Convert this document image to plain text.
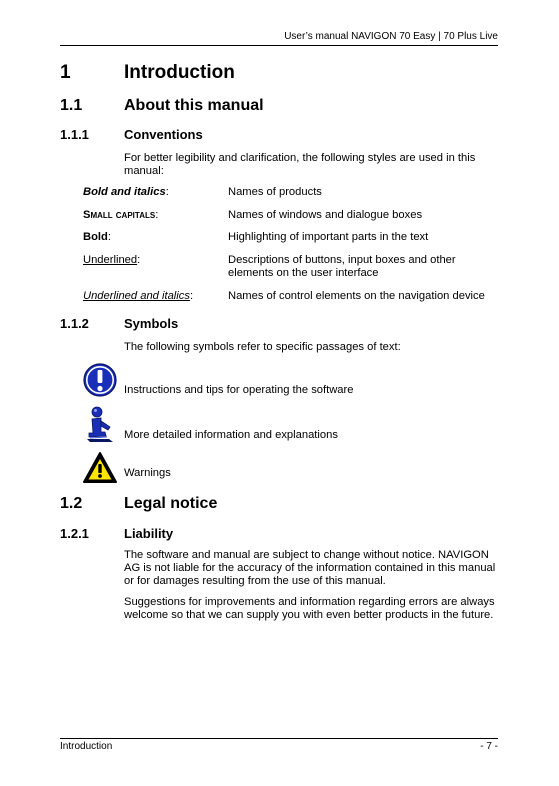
User’s manual NAVIGON 70 Easy | 70 Plus Live
1	Introduction
1.1	About this manual
1.1.1	Conventions
For better legibility and clarification, the following styles are used in this manual:
Bold and italics:	Names of products
Small capitals:	Names of windows and dialogue boxes
Bold:	Highlighting of important parts in the text
Underlined:	Descriptions of buttons, input boxes and other elements on the user interface
Underlined and italics:	Names of control elements on the navigation device
1.1.2	Symbols
The following symbols refer to specific passages of text:
Instructions and tips for operating the software
More detailed information and explanations
Warnings
1.2	Legal notice
1.2.1	Liability
The software and manual are subject to change without notice. NAVIGON AG is not liable for the accuracy of the information contained in this manual or for damages resulting from the use of this manual.
Suggestions for improvements and information regarding errors are always welcome so that we can supply you with even better products in the future.
Introduction	- 7 -
